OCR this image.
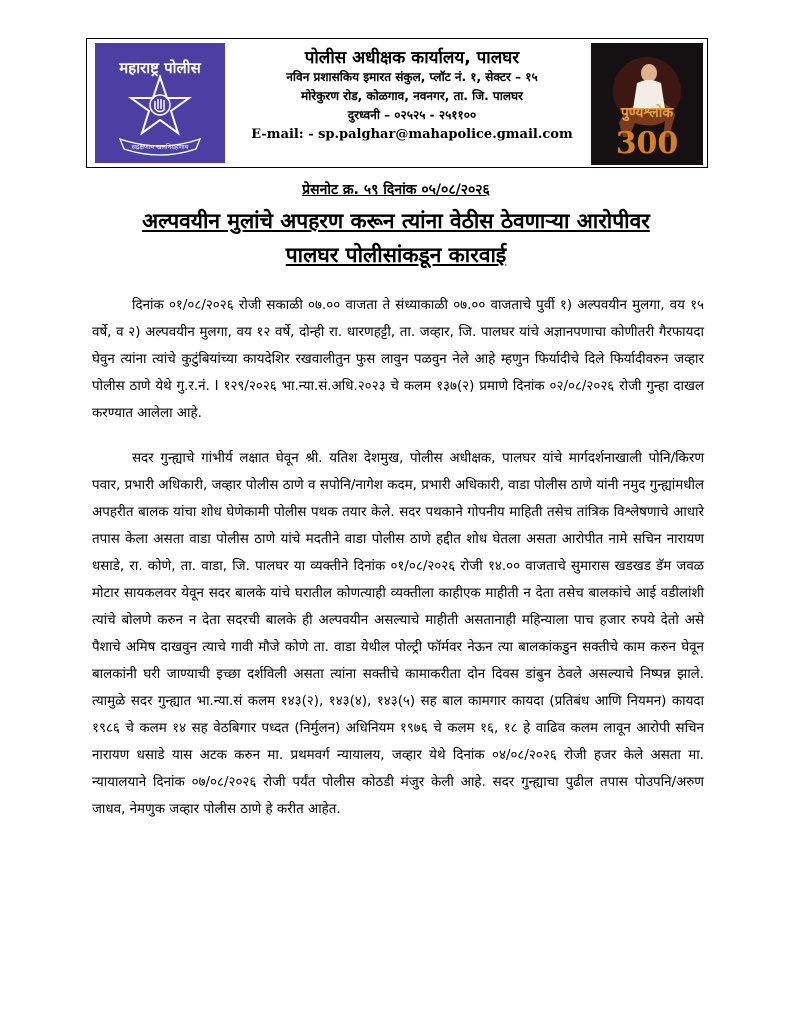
महाराष्ट्र पोलीस
सद्रक्षणाय खलनिग्रहणाय
पोलीस अधीक्षक कार्यालय, पालघर
नविन प्रशासकिय इमारत संकुल, प्लॉट नं. १, सेक्टर – १५
मोरेकुरण रोड, कोळगाव, नवनगर, ता. जि. पालघर
दुरध्वनी – ०२५२५ - २५११००
E-mail: - sp.palghar@mahapolice.gmail.com
पुण्यश्लोक
300
प्रेसनोट क्र. ५९ दिनांक ०५/०८/२०२६
अल्पवयीन मुलांचे अपहरण करून त्यांना वेठीस ठेवणाऱ्या आरोपीवर
पालघर पोलीसांकडून कारवाई

दिनांक ०१/०८/२०२६ रोजी सकाळी ०७.०० वाजता ते संध्याकाळी ०७.०० वाजताचे पुर्वी १) अल्पवयीन मुलगा, वय १५ वर्षे, व २) अल्पवयीन मुलगा, वय १२ वर्षे, दोन्ही रा. धारणहट्टी, ता. जव्हार, जि. पालघर यांचे अज्ञानपणाचा कोणीतरी गैरफायदा घेवुन त्यांना त्यांचे कुटुंबियांच्या कायदेशिर रखवालीतुन फुस लावुन पळवुन नेले आहे म्हणुन फिर्यादीचे दिले फिर्यादीवरुन जव्हार पोलीस ठाणे येथे गु.र.नं. I १२९/२०२६ भा.न्या.सं.अधि.२०२३ चे कलम १३७(२) प्रमाणे दिनांक ०२/०८/२०२६ रोजी गुन्हा दाखल करण्यात आलेला आहे.

सदर गुन्ह्याचे गांभीर्य लक्षात घेवून श्री. यतिश देशमुख, पोलीस अधीक्षक, पालघर यांचे मार्गदर्शनाखाली पोनि/किरण पवार, प्रभारी अधिकारी, जव्हार पोलीस ठाणे व सपोनि/नागेश कदम, प्रभारी अधिकारी, वाडा पोलीस ठाणे यांनी नमुद गुन्ह्यांमधील अपहरीत बालक यांचा शोध घेणेकामी पोलीस पथक तयार केले. सदर पथकाने गोपनीय माहिती तसेच तांत्रिक विश्लेषणाचे आधारे तपास केला असता वाडा पोलीस ठाणे यांचे मदतीने वाडा पोलीस ठाणे हद्दीत शोध घेतला असता आरोपीत नामे सचिन नारायण धसाडे, रा. कोणे, ता. वाडा, जि. पालघर या व्यक्तीने दिनांक ०१/०८/२०२६ रोजी १४.०० वाजताचे सुमारास खडखड डॅम जवळ मोटार सायकलवर येवून सदर बालके यांचे घरातील कोणत्याही व्यक्तीला काहीएक माहीती न देता तसेच बालकांचे आई वडीलांशी त्यांचे बोलणे करुन न देता सदरची बालके ही अल्पवयीन असल्याचे माहीती असतानाही महिन्याला पाच हजार रुपये देतो असे पैशाचे अमिष दाखवुन त्याचे गावी मौजे कोणे ता. वाडा येथील पोल्ट्री फॉर्मवर नेऊन त्या बालकांकडुन सक्तीचे काम करुन घेवून बालकांनी घरी जाण्याची इच्छा दर्शविली असता त्यांना सक्तीचे कामाकरीता दोन दिवस डांबुन ठेवले असल्याचे निष्पन्न झाले. त्यामुळे सदर गुन्ह्यात भा.न्या.सं कलम १४३(२), १४३(४), १४३(५) सह बाल कामगार कायदा (प्रतिबंध आणि नियमन) कायदा १९८६ चे कलम १४ सह वेठबिगार पध्दत (निर्मुलन) अधिनियम १९७६ चे कलम १६, १८ हे वाढिव कलम लावून आरोपी सचिन नारायण धसाडे यास अटक करुन मा. प्रथमवर्ग न्यायालय, जव्हार येथे दिनांक ०४/०८/२०२६ रोजी हजर केले असता मा. न्यायालयाने दिनांक ०७/०८/२०२६ रोजी पर्यंत पोलीस कोठडी मंजुर केली आहे. सदर गुन्ह्याचा पुढील तपास पोउपनि/अरुण जाधव, नेमणुक जव्हार पोलीस ठाणे हे करीत आहेत.
